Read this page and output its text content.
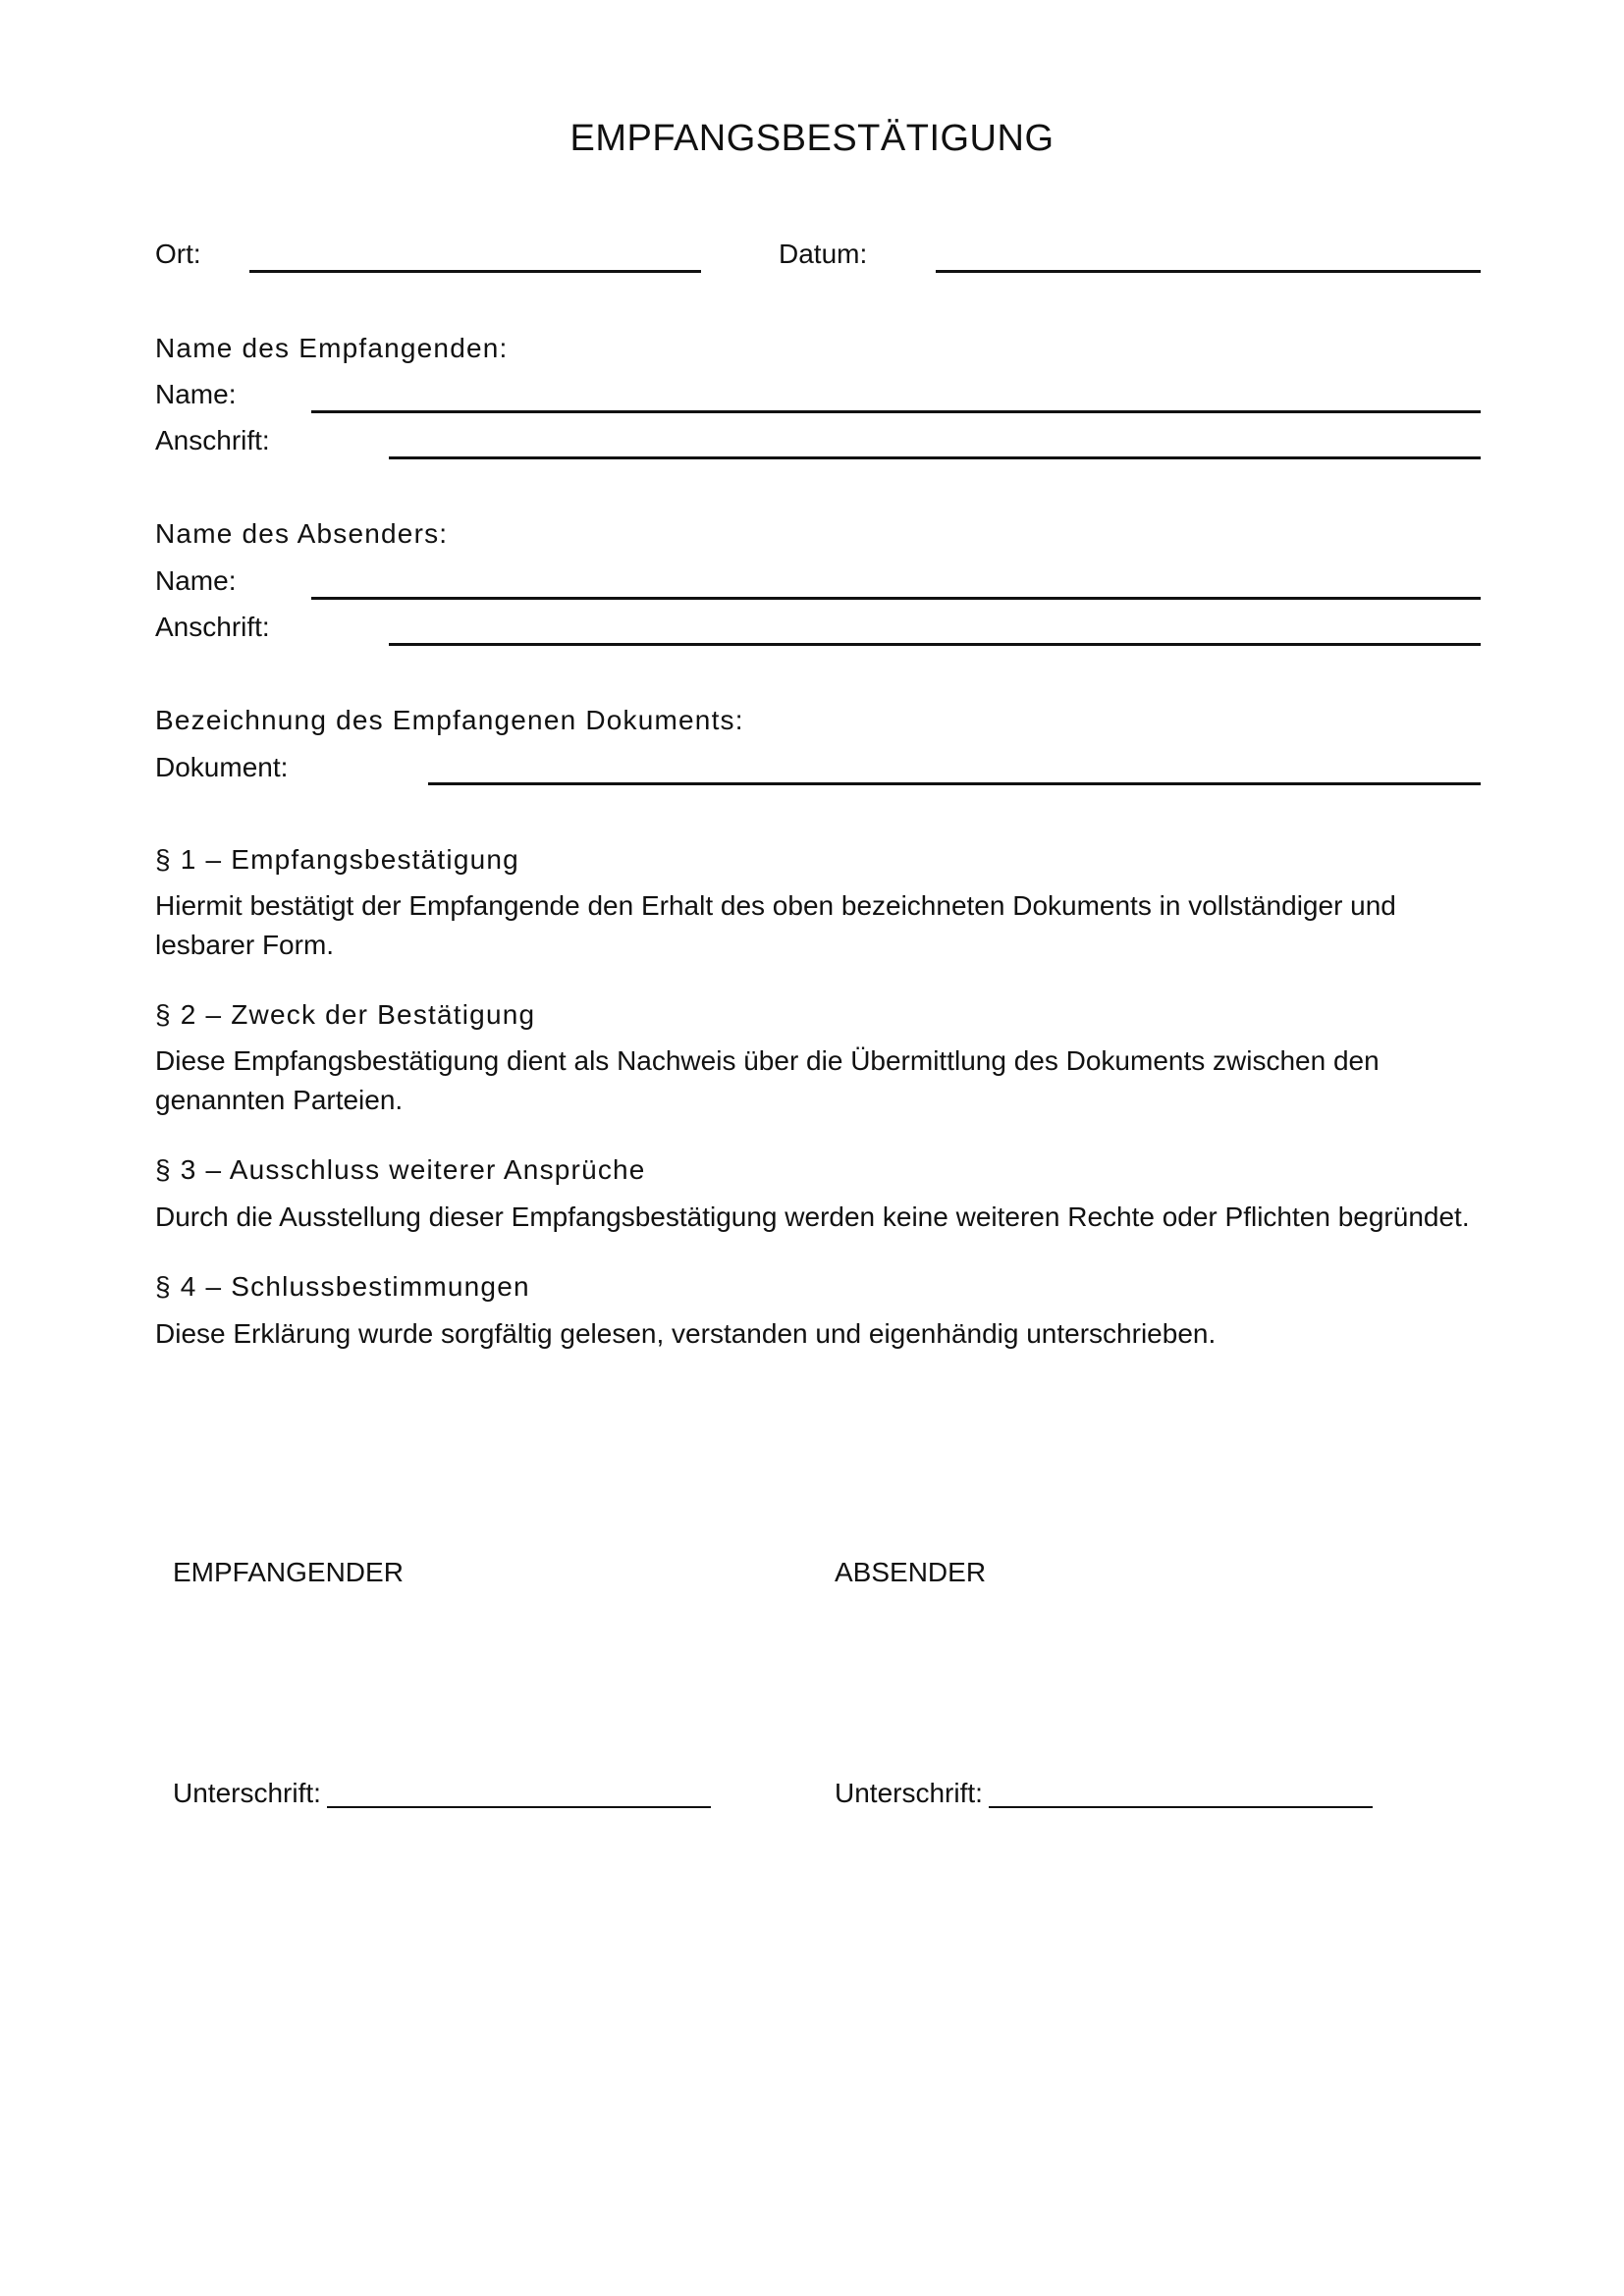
EMPFANGSBESTÄTIGUNG
Ort:	Datum:
Name des Empfangenden:
Name:
Anschrift:
Name des Absenders:
Name:
Anschrift:
Bezeichnung des Empfangenen Dokuments:
Dokument:
§ 1 – Empfangsbestätigung

Hiermit bestätigt der Empfangende den Erhalt des oben bezeichneten Dokuments in vollständiger und lesbarer Form.

§ 2 – Zweck der Bestätigung

Diese Empfangsbestätigung dient als Nachweis über die Übermittlung des Dokuments zwischen den genannten Parteien.

§ 3 – Ausschluss weiterer Ansprüche

Durch die Ausstellung dieser Empfangsbestätigung werden keine weiteren Rechte oder Pflichten begründet.

§ 4 – Schlussbestimmungen

Diese Erklärung wurde sorgfältig gelesen, verstanden und eigenhändig unterschrieben.

EMPFANGENDER	ABSENDER
Unterschrift:	Unterschrift:
